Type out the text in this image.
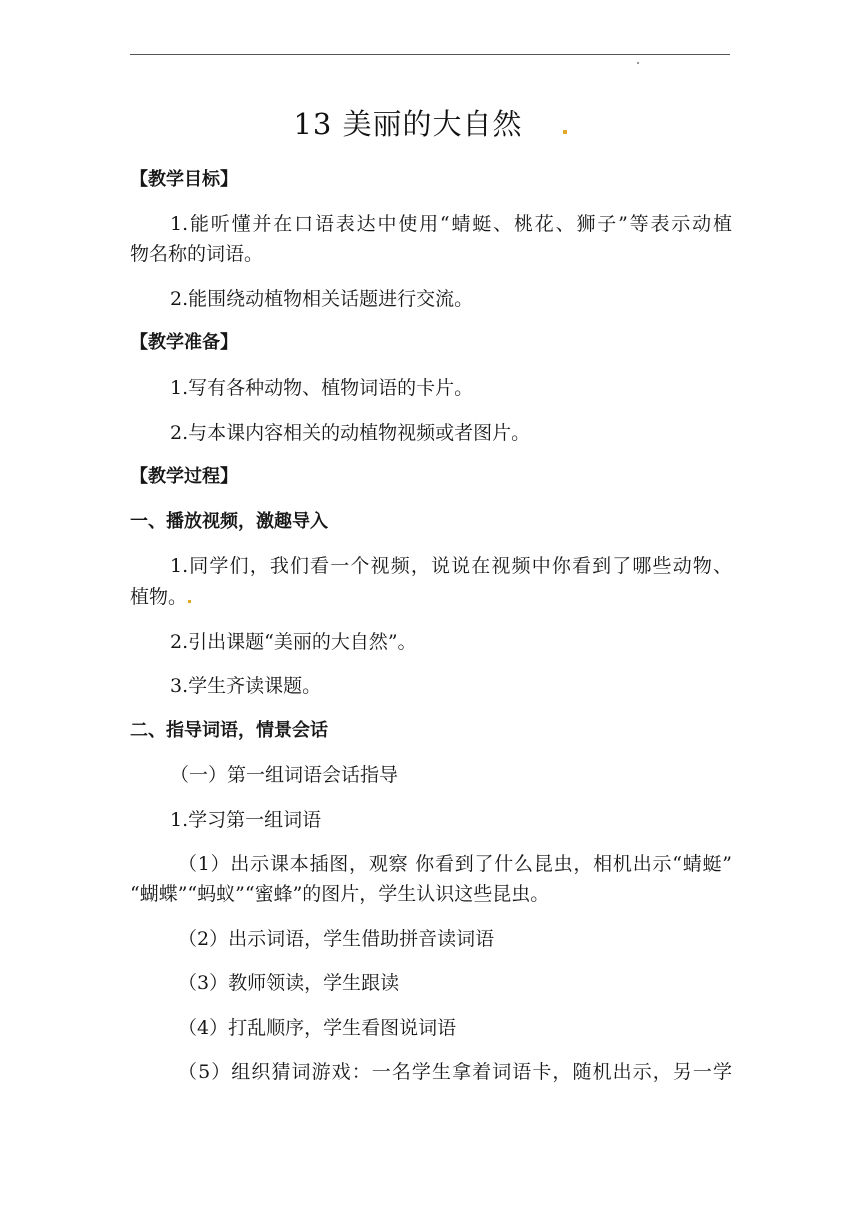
13 美丽的大自然
【教学目标】
1.能听懂并在口语表达中使用“蜻蜓、桃花、狮子”等表示动植
物名称的词语。
2.能围绕动植物相关话题进行交流。
【教学准备】
1.写有各种动物、植物词语的卡片。
2.与本课内容相关的动植物视频或者图片。
【教学过程】
一、播放视频，激趣导入
1.同学们，我们看一个视频，说说在视频中你看到了哪些动物、
植物。
2.引出课题“美丽的大自然”。
3.学生齐读课题。
二、指导词语，情景会话
（一）第一组词语会话指导
1.学习第一组词语
（1）出示课本插图，观察 你看到了什么昆虫，相机出示“蜻蜓”
“蝴蝶”“蚂蚁”“蜜蜂”的图片，学生认识这些昆虫。
（2）出示词语，学生借助拼音读词语
（3）教师领读，学生跟读
（4）打乱顺序，学生看图说词语
（5）组织猜词游戏：一名学生拿着词语卡，随机出示，另一学
